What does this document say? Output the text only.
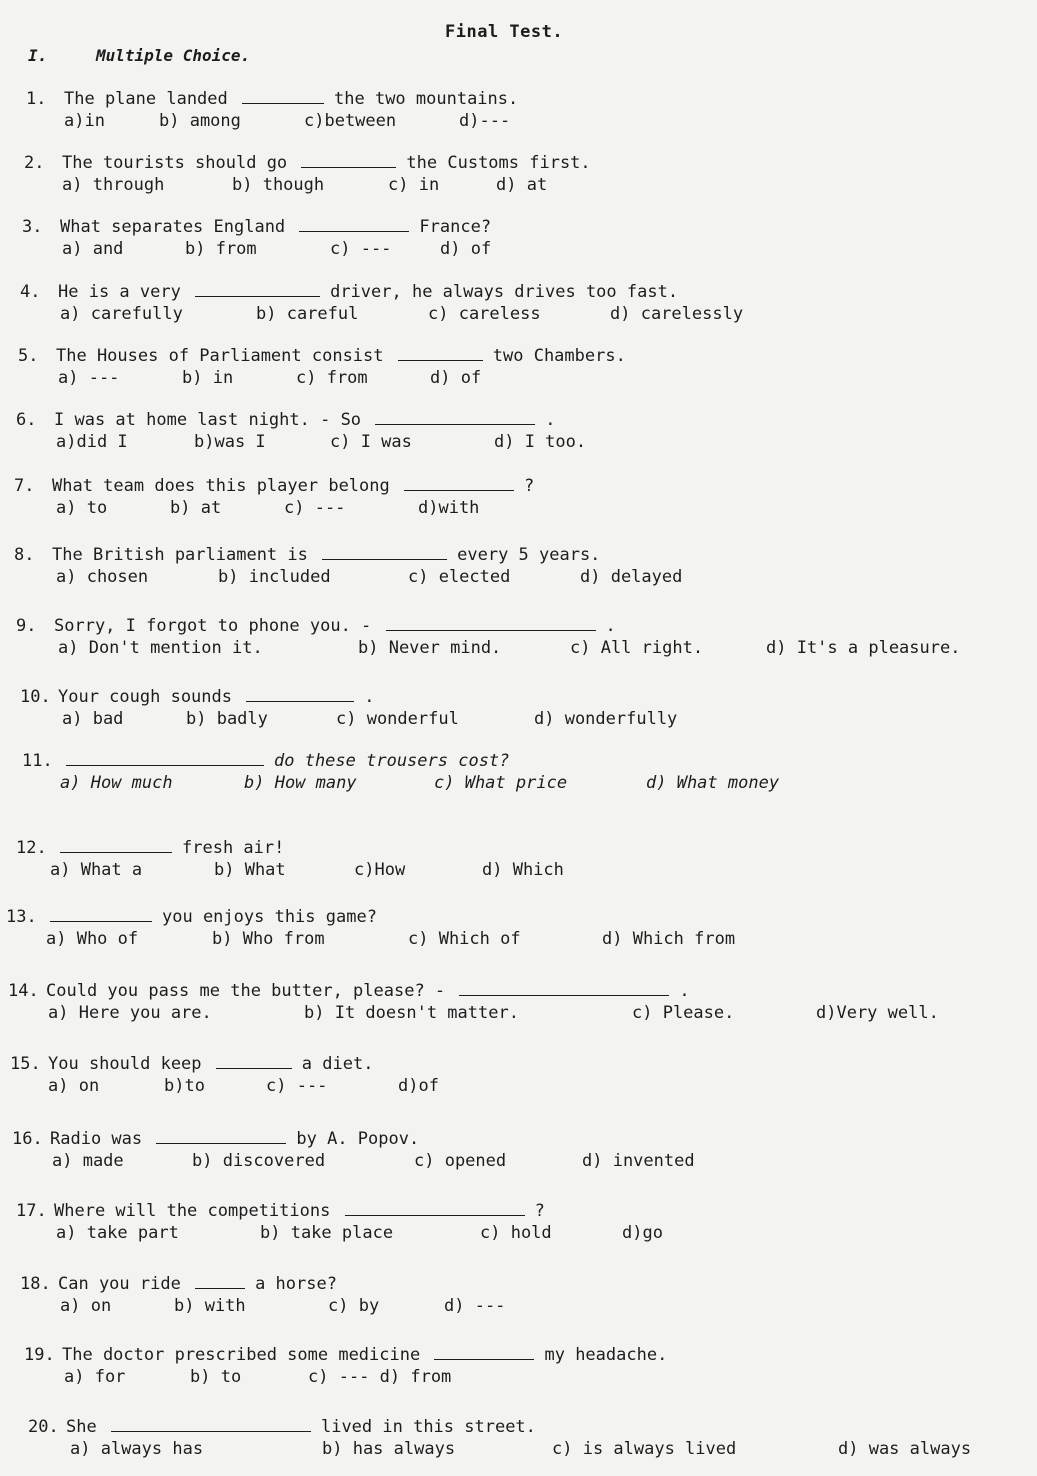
Final Test.
I.	Multiple Choice.
1. The plane landed	the two mountains.
a)in	b) among	c)between	d)---
2. The tourists should go	the Customs first.
a) through	b) though	c) in	d) at
3. What separates England	France?
a) and	b) from	c) ---	d) of
4. He is a very	driver, he always drives too fast.
a) carefully	b) careful	c) careless	d) carelessly
5. The Houses of Parliament consist	two Chambers.
a) ---	b) in	c) from	d) of
6. I was at home last night. - So	.
a)did I	b)was I	c) I was	d) I too.
7. What team does this player belong	?
a) to	b) at	c) ---	d)with
8. The British parliament is	every 5 years.
a) chosen	b) included	c) elected	d) delayed
9. Sorry, I forgot to phone you. -	.
a) Don't mention it.	b) Never mind.	c) All right.	d) It's a pleasure.
10. Your cough sounds	.
a) bad	b) badly	c) wonderful	d) wonderfully
11.	do these trousers cost?
a) How much	b) How many	c) What price	d) What money
12.	fresh air!
a) What a	b) What	c)How	d) Which
13.	you enjoys this game?
a) Who of	b) Who from	c) Which of	d) Which from
14. Could you pass me the butter, please? -	.
a) Here you are.	b) It doesn't matter.	c) Please.	d)Very well.
15. You should keep	a diet.
a) on	b)to	c) ---	d)of
16. Radio was	by A. Popov.
a) made	b) discovered	c) opened	d) invented
17. Where will the competitions	?
a) take part	b) take place	c) hold	d)go
18. Can you ride	a horse?
a) on	b) with	c) by	d) ---
19. The doctor prescribed some medicine	my headache.
a) for	b) to	c) --- d) from
20. She	lived in this street.
a) always has	b) has always	c) is always lived	d) was always
